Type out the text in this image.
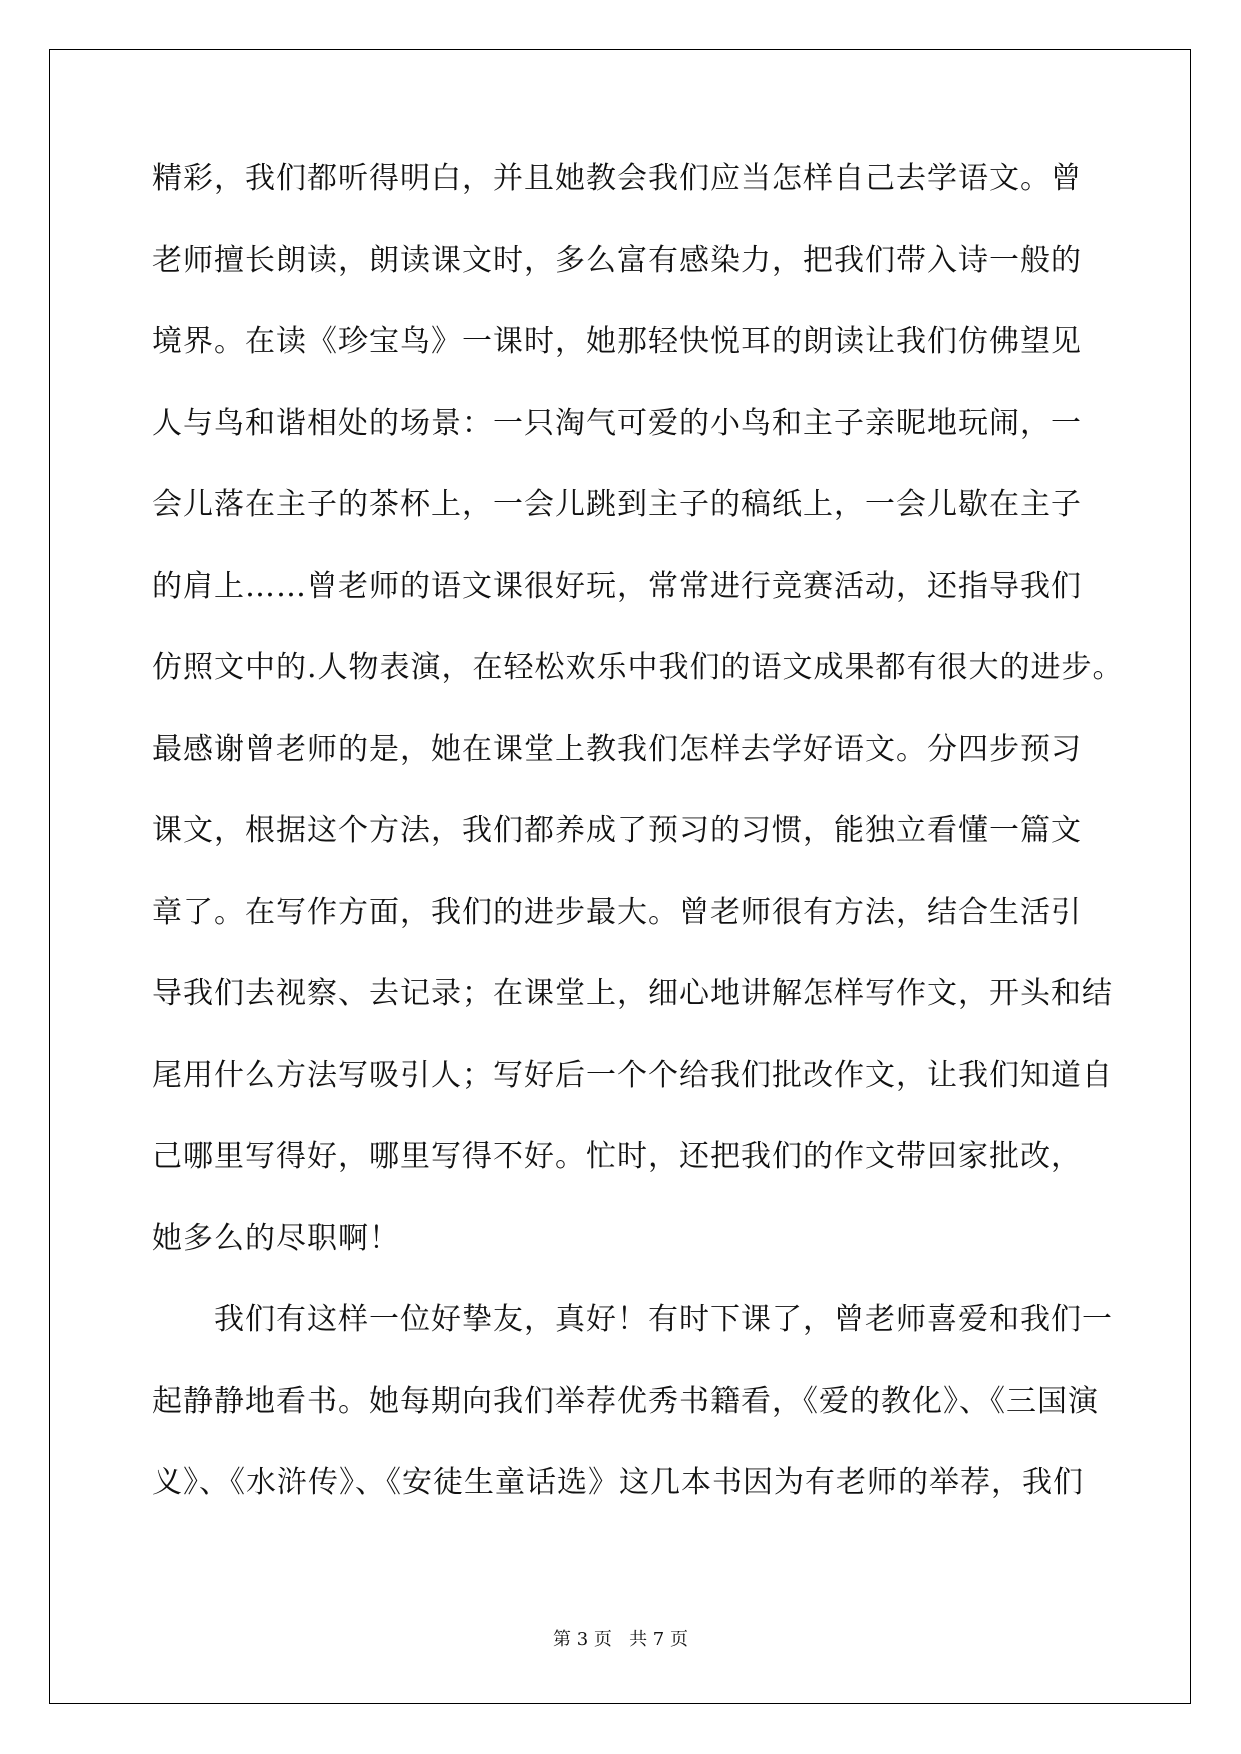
精彩，我们都听得明白，并且她教会我们应当怎样自己去学语文。曾
老师擅长朗读，朗读课文时，多么富有感染力，把我们带入诗一般的
境界。在读《珍宝鸟》一课时，她那轻快悦耳的朗读让我们仿佛望见
人与鸟和谐相处的场景：一只淘气可爱的小鸟和主子亲昵地玩闹，一
会儿落在主子的茶杯上，一会儿跳到主子的稿纸上，一会儿歇在主子
的肩上……曾老师的语文课很好玩，常常进行竞赛活动，还指导我们
仿照文中的.人物表演，在轻松欢乐中我们的语文成果都有很大的进步。
最感谢曾老师的是，她在课堂上教我们怎样去学好语文。分四步预习
课文，根据这个方法，我们都养成了预习的习惯，能独立看懂一篇文
章了。在写作方面，我们的进步最大。曾老师很有方法，结合生活引
导我们去视察、去记录；在课堂上，细心地讲解怎样写作文，开头和结
尾用什么方法写吸引人；写好后一个个给我们批改作文，让我们知道自
己哪里写得好，哪里写得不好。忙时，还把我们的作文带回家批改，
她多么的尽职啊！
我们有这样一位好挚友，真好！有时下课了，曾老师喜爱和我们一
起静静地看书。她每期向我们举荐优秀书籍看，《爱的教化》、《三国演
义》、《水浒传》、《安徒生童话选》这几本书因为有老师的举荐，我们
第 3 页 共 7 页
